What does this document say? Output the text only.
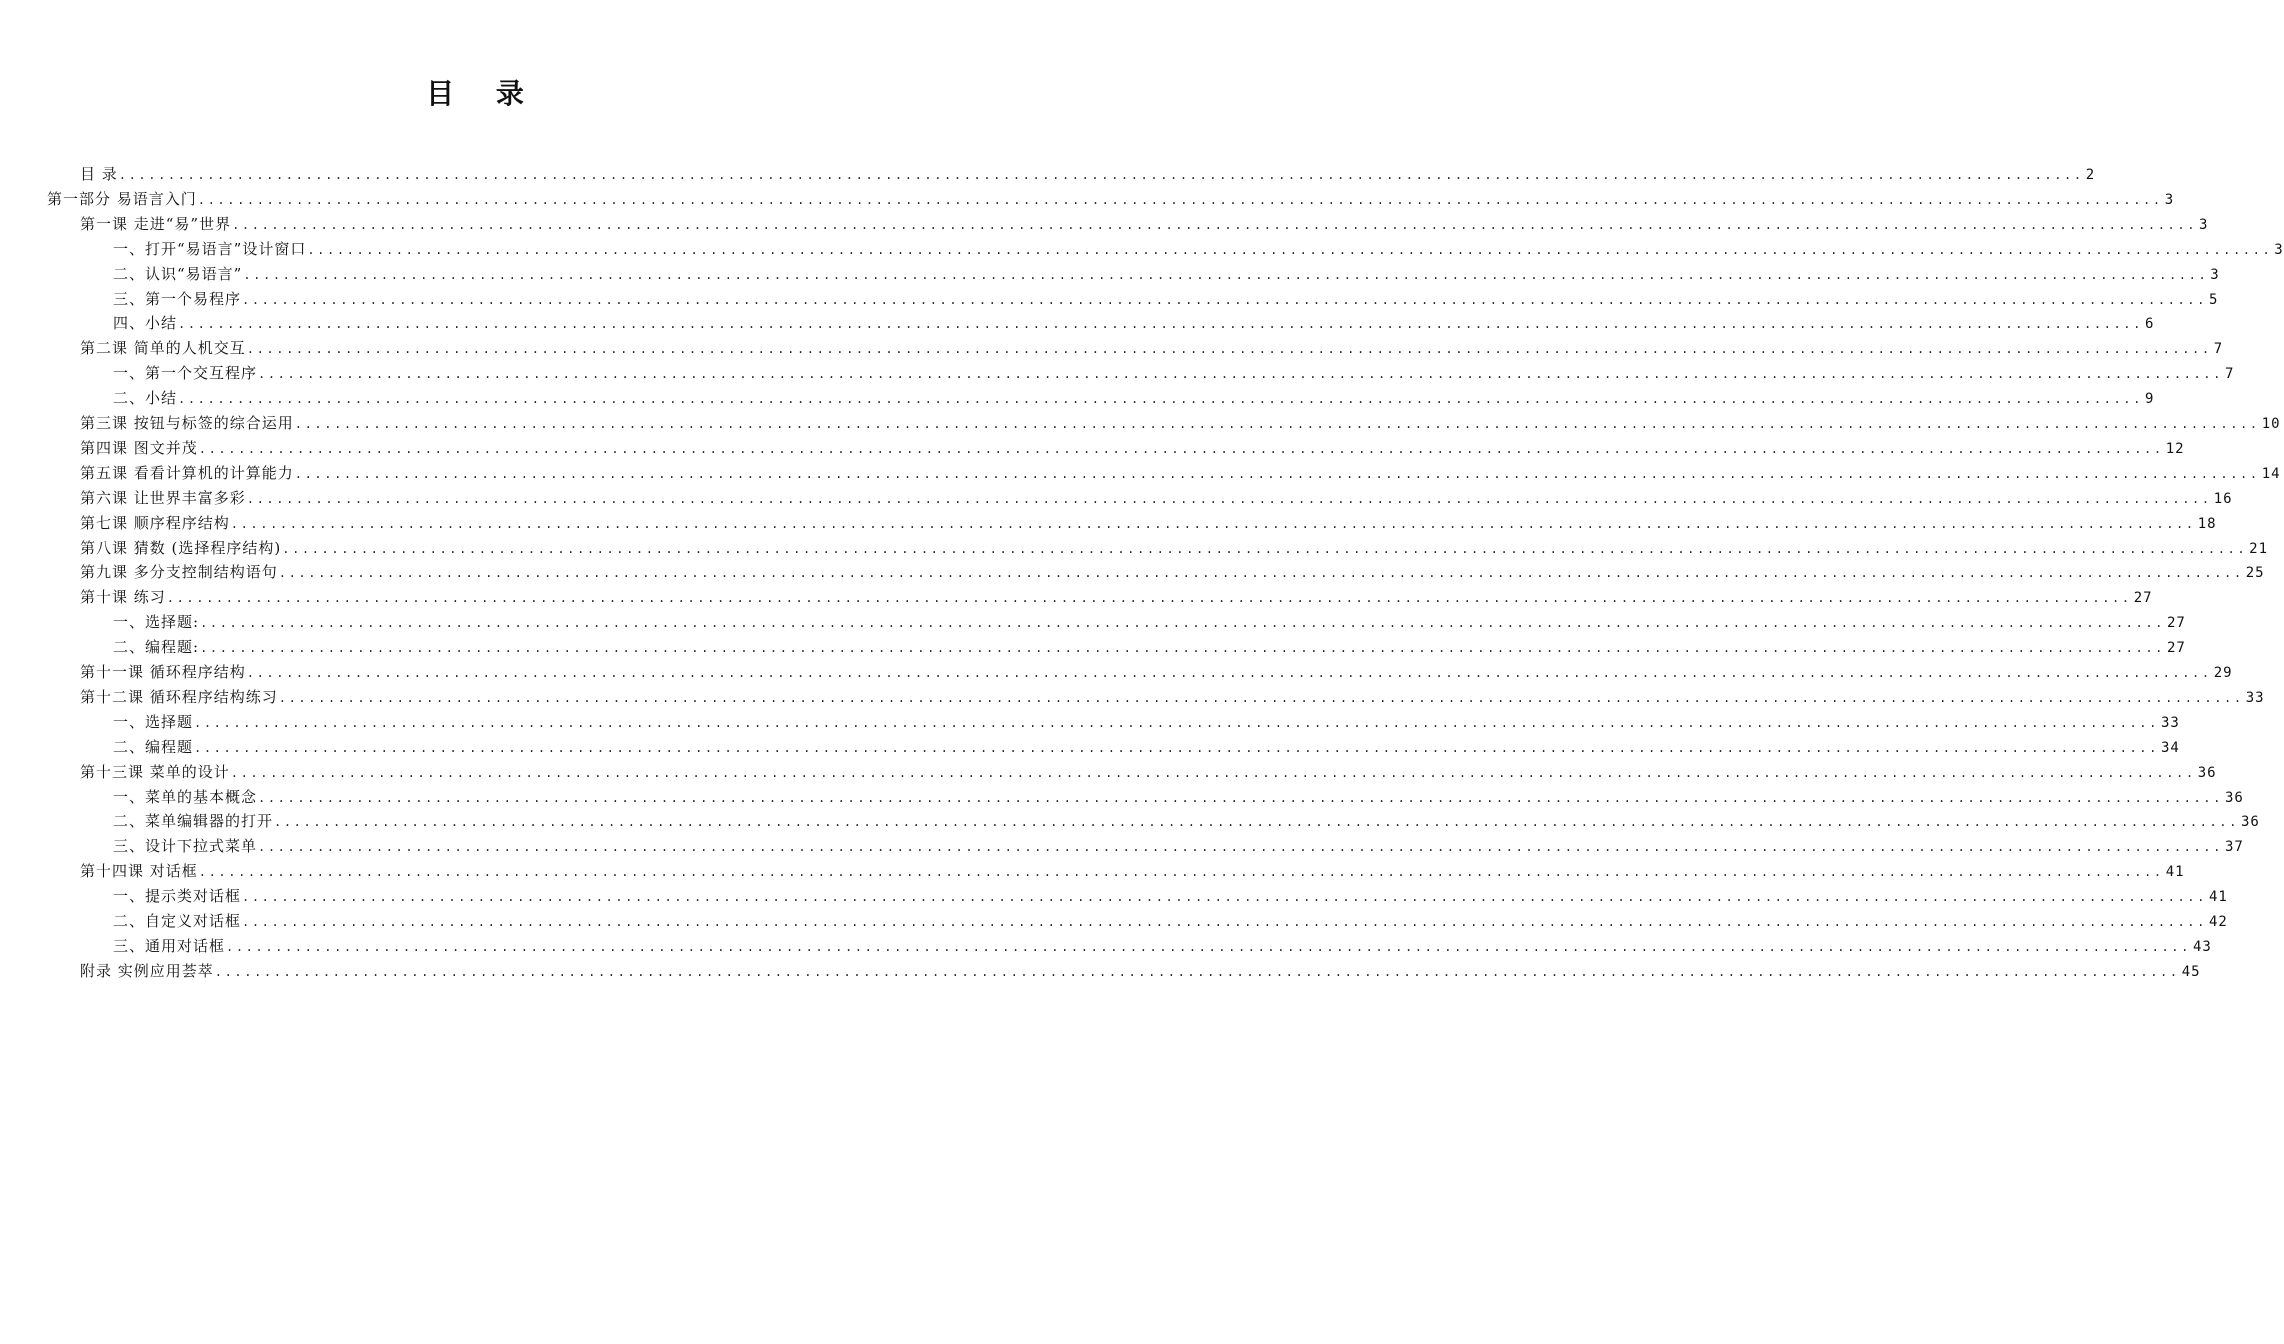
目 录
目 录 ........................................................................................................................................................................................................ 2
第一部分 易语言入门 ........................................................................................................................................................................................................ 3
第一课 走进“易”世界 ........................................................................................................................................................................................................ 3
一、打开“易语言”设计窗口 ........................................................................................................................................................................................................ 3
二、认识“易语言” ........................................................................................................................................................................................................ 3
三、第一个易程序 ........................................................................................................................................................................................................ 5
四、小结 ........................................................................................................................................................................................................ 6
第二课 简单的人机交互 ........................................................................................................................................................................................................ 7
一、第一个交互程序 ........................................................................................................................................................................................................ 7
二、小结 ........................................................................................................................................................................................................ 9
第三课 按钮与标签的综合运用 ........................................................................................................................................................................................................ 10
第四课 图文并茂 ........................................................................................................................................................................................................ 12
第五课 看看计算机的计算能力 ........................................................................................................................................................................................................ 14
第六课 让世界丰富多彩 ........................................................................................................................................................................................................ 16
第七课 顺序程序结构 ........................................................................................................................................................................................................ 18
第八课 猜数 (选择程序结构) ........................................................................................................................................................................................................ 21
第九课 多分支控制结构语句 ........................................................................................................................................................................................................ 25
第十课 练习 ........................................................................................................................................................................................................ 27
一、选择题: ........................................................................................................................................................................................................ 27
二、编程题: ........................................................................................................................................................................................................ 27
第十一课 循环程序结构 ........................................................................................................................................................................................................ 29
第十二课 循环程序结构练习 ........................................................................................................................................................................................................ 33
一、选择题 ........................................................................................................................................................................................................ 33
二、编程题 ........................................................................................................................................................................................................ 34
第十三课 菜单的设计 ........................................................................................................................................................................................................ 36
一、菜单的基本概念 ........................................................................................................................................................................................................ 36
二、菜单编辑器的打开 ........................................................................................................................................................................................................ 36
三、设计下拉式菜单 ........................................................................................................................................................................................................ 37
第十四课 对话框 ........................................................................................................................................................................................................ 41
一、提示类对话框 ........................................................................................................................................................................................................ 41
二、自定义对话框 ........................................................................................................................................................................................................ 42
三、通用对话框 ........................................................................................................................................................................................................ 43
附录 实例应用荟萃 ........................................................................................................................................................................................................ 45
